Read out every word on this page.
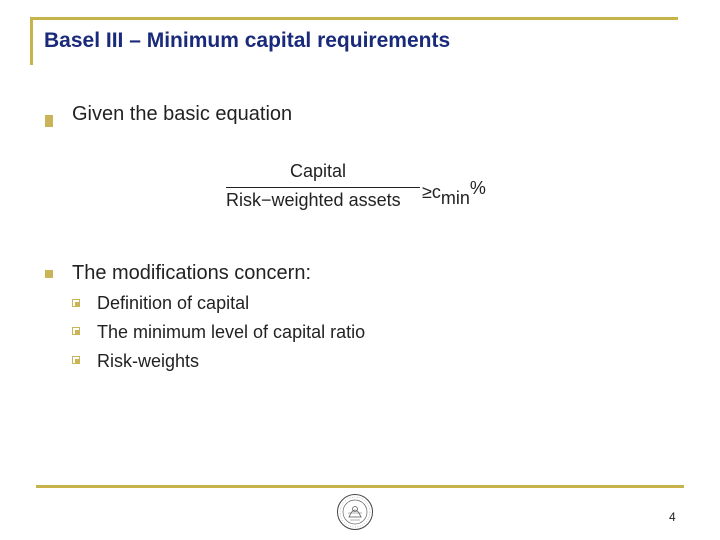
Basel III – Minimum capital requirements
Given the basic equation
Capital
Risk−weighted assets $\ge c_{min}\%$
The modifications concern:
Definition of capital
The minimum level of capital ratio
Risk-weights
4
